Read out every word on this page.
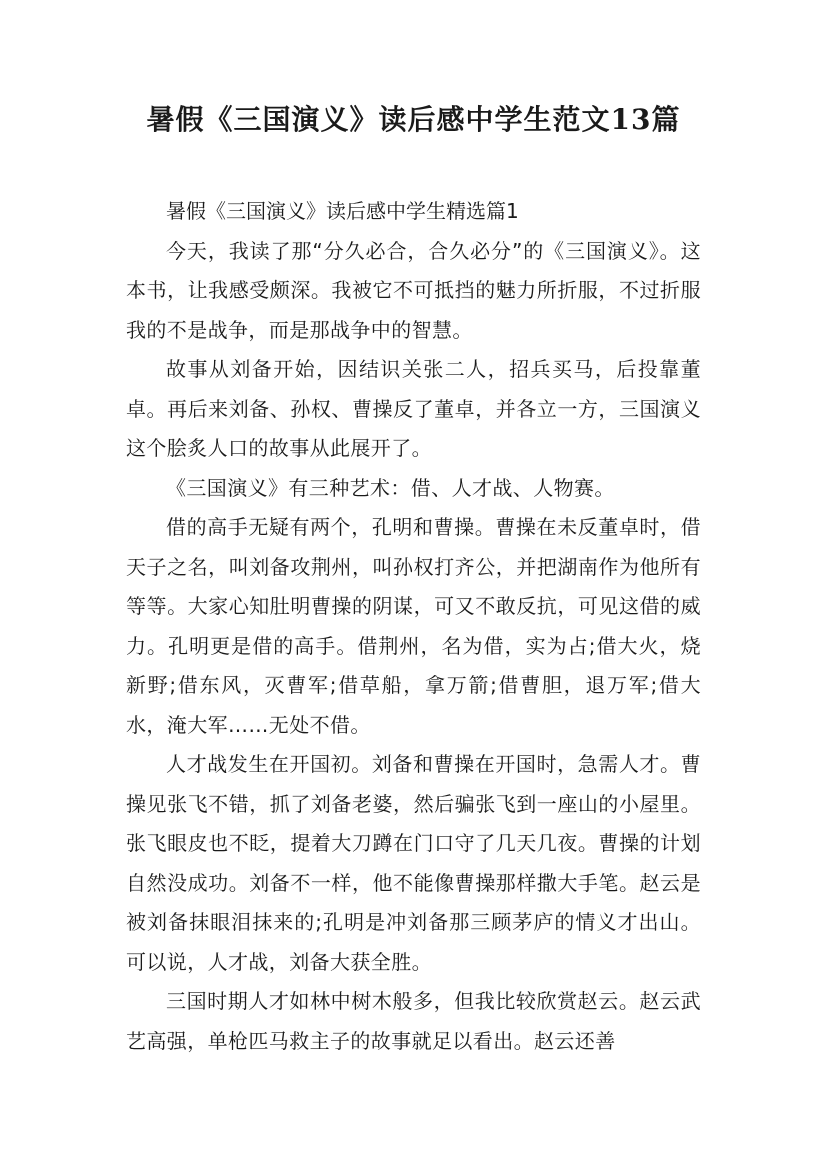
暑假《三国演义》读后感中学生范文13篇

暑假《三国演义》读后感中学生精选篇1

今天，我读了那“分久必合，合久必分”的《三国演义》。这本书，让我感受颇深。我被它不可抵挡的魅力所折服，不过折服我的不是战争，而是那战争中的智慧。

故事从刘备开始，因结识关张二人，招兵买马，后投靠董卓。再后来刘备、孙权、曹操反了董卓，并各立一方，三国演义这个脍炙人口的故事从此展开了。

《三国演义》有三种艺术：借、人才战、人物赛。

借的高手无疑有两个，孔明和曹操。曹操在未反董卓时，借天子之名，叫刘备攻荆州，叫孙权打齐公，并把湖南作为他所有等等。大家心知肚明曹操的阴谋，可又不敢反抗，可见这借的威力。孔明更是借的高手。借荆州，名为借，实为占;借大火，烧新野;借东风，灭曹军;借草船，拿万箭;借曹胆，退万军;借大水，淹大军……无处不借。

人才战发生在开国初。刘备和曹操在开国时，急需人才。曹操见张飞不错，抓了刘备老婆，然后骗张飞到一座山的小屋里。张飞眼皮也不眨，提着大刀蹲在门口守了几天几夜。曹操的计划自然没成功。刘备不一样，他不能像曹操那样撒大手笔。赵云是被刘备抹眼泪抹来的;孔明是冲刘备那三顾茅庐的情义才出山。可以说，人才战，刘备大获全胜。

三国时期人才如林中树木般多，但我比较欣赏赵云。赵云武艺高强，单枪匹马救主子的故事就足以看出。赵云还善
